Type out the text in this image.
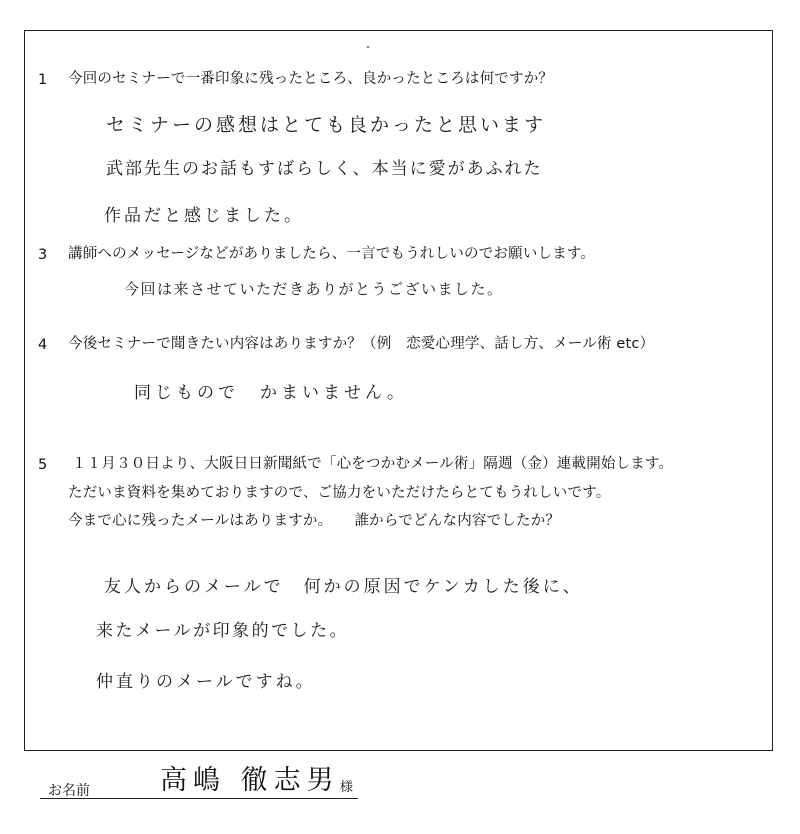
1 今回のセミナーで一番印象に残ったところ、良かったところは何ですか？
セミナーの感想はとても良かったと思います
武部先生のお話もすばらしく、本当に愛があふれた
作品だと感じました。
3 講師へのメッセージなどがありましたら、一言でもうれしいのでお願いします。
今回は来させていただきありがとうございました。
4 今後セミナーで聞きたい内容はありますか？（例　恋愛心理学、話し方、メール術 etc）
同じもので　かまいません。
5 １１月３０日より、大阪日日新聞紙で「心をつかむメール術」隔週（金）連載開始します。
ただいま資料を集めておりますので、ご協力をいただけたらとてもうれしいです。
今まで心に残ったメールはありますか。　　誰からでどんな内容でしたか？
友人からのメールで　何かの原因でケンカした後に、
来たメールが印象的でした。
仲直りのメールですね。
お名前	高嶋 徹志男 様
